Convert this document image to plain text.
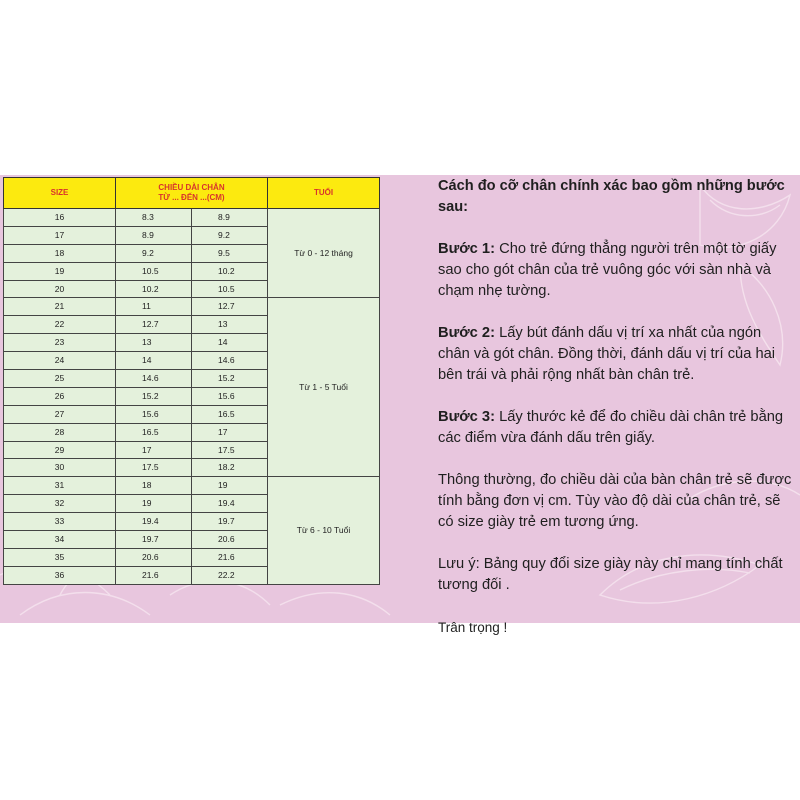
SIZE	CHIỀU DÀI CHÂN
TỪ ... ĐẾN ...(CM)		TUỔI
16	8.3	8.9	Từ 0 - 12 tháng
17	8.9	9.2	
18	9.2	9.5	
19	10.5	10.2	
20	10.2	10.5	
21	11	12.7	Từ 1 - 5 Tuổi
22	12.7	13	
23	13	14	
24	14	14.6	
25	14.6	15.2	
26	15.2	15.6	
27	15.6	16.5	
28	16.5	17	
29	17	17.5	
30	17.5	18.2	
31	18	19	Từ 6 - 10 Tuổi
32	19	19.4	
33	19.4	19.7	
34	19.7	20.6	
35	20.6	21.6	
36	21.6	22.2	

Cách đo cỡ chân chính xác bao gồm những bước sau:

Bước 1: Cho trẻ đứng thẳng người trên một tờ giấy sao cho gót chân của trẻ vuông góc với sàn nhà và chạm nhẹ tường.

Bước 2: Lấy bút đánh dấu vị trí xa nhất của ngón chân và gót chân. Đồng thời, đánh dấu vị trí của hai bên trái và phải rộng nhất bàn chân trẻ.

Bước 3: Lấy thước kẻ để đo chiều dài chân trẻ bằng các điểm vừa đánh dấu trên giấy.

Thông thường, đo chiều dài của bàn chân trẻ sẽ được tính bằng đơn vị cm. Tùy vào độ dài của chân trẻ, sẽ có size giày trẻ em tương ứng.

Lưu ý: Bảng quy đổi size giày này chỉ mang tính chất tương đối .

Trân trọng !
